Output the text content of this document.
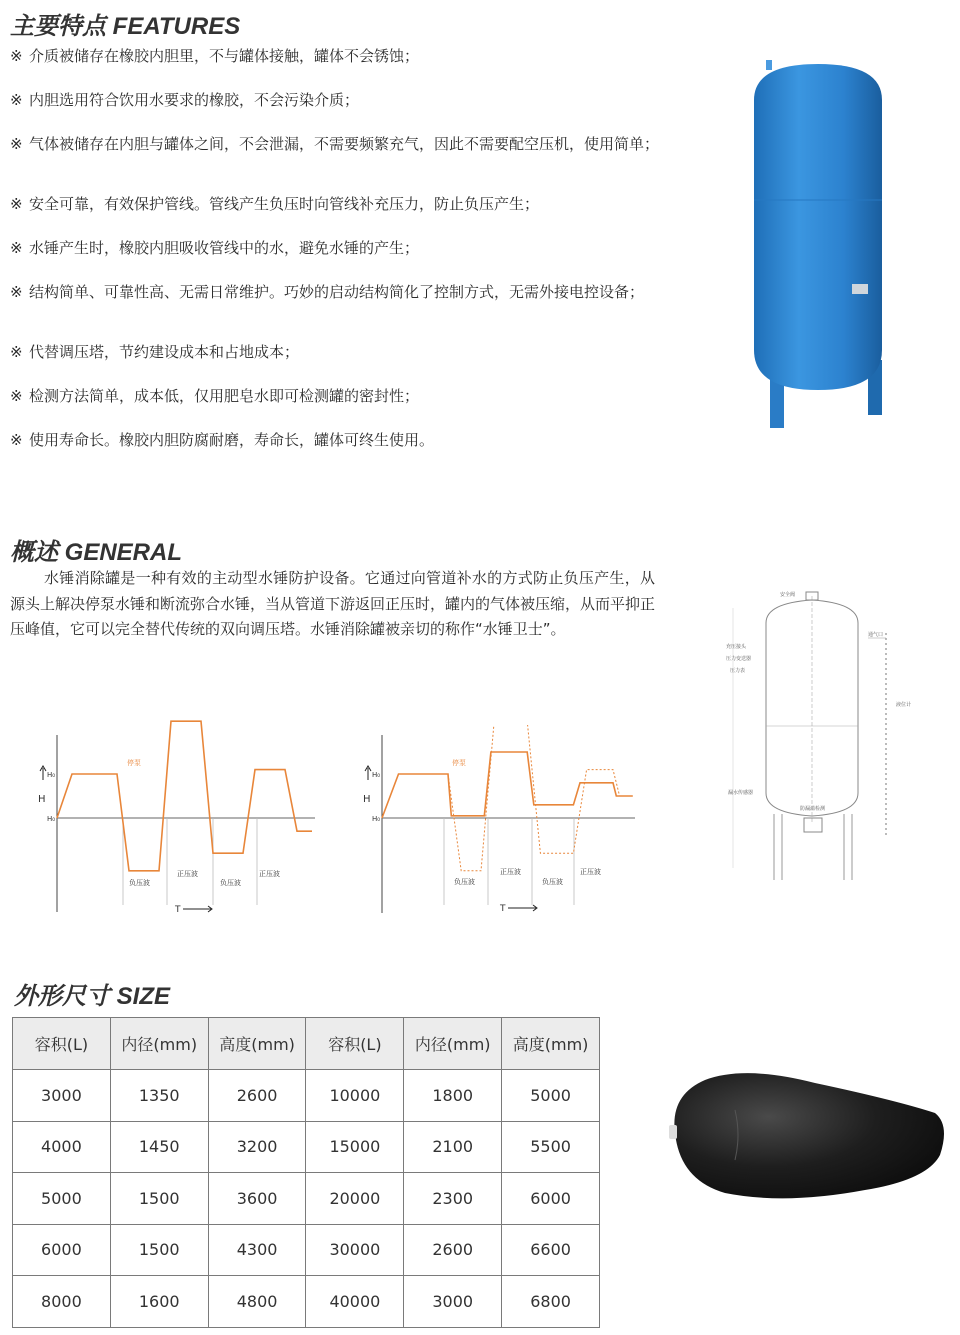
主要特点 FEATURES
※ 介质被储存在橡胶内胆里，不与罐体接触，罐体不会锈蚀；
※ 内胆选用符合饮用水要求的橡胶，不会污染介质；
※ 气体被储存在内胆与罐体之间，不会泄漏，不需要频繁充气，因此不需要配空压机，使用简单；
※ 安全可靠，有效保护管线。管线产生负压时向管线补充压力，防止负压产生；
※ 水锤产生时，橡胶内胆吸收管线中的水，避免水锤的产生；
※ 结构简单、可靠性高、无需日常维护。巧妙的启动结构简化了控制方式，无需外接电控设备；
※ 代替调压塔，节约建设成本和占地成本；
※ 检测方法简单，成本低，仅用肥皂水即可检测罐的密封性；
※ 使用寿命长。橡胶内胆防腐耐磨，寿命长，罐体可终生使用。
概述 GENERAL

水锤消除罐是一种有效的主动型水锤防护设备。它通过向管道补水的方式防止负压产生，从源头上解决停泵水锤和断流弥合水锤，当从管道下游返回正压时，罐内的气体被压缩，从而平抑正压峰值，它可以完全替代传统的双向调压塔。水锤消除罐被亲切的称作“水锤卫士”。

H
H₀
H₀
停泵
负压波
正压波
负压波
正压波
T
H
H₀
H₀
停泵
负压波
正压波
负压波
正压波
T
安全阀
充压接头
压力变送器
压力表
通气口
液位计
漏水传感器
防漏溢检测
外形尺寸 SIZE
容积(L)	内径(mm)	高度(mm)	容积(L)	内径(mm)	高度(mm)
3000	1350	2600	10000	1800	5000
4000	1450	3200	15000	2100	5500
5000	1500	3600	20000	2300	6000
6000	1500	4300	30000	2600	6600
8000	1600	4800	40000	3000	6800
